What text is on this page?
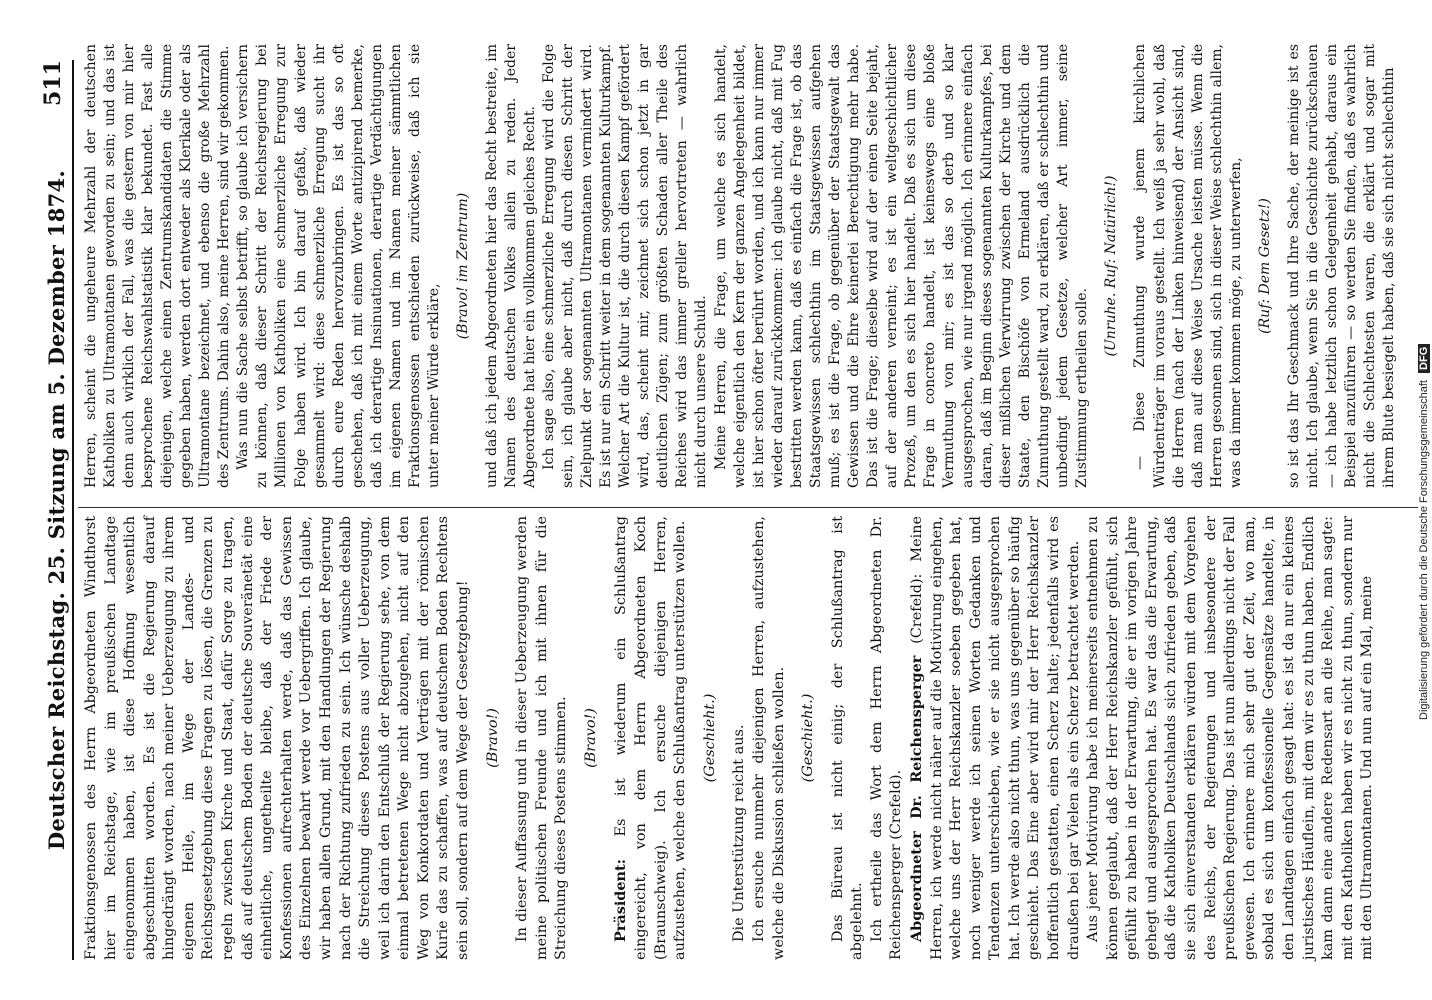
Deutscher Reichstag. 25. Sitzung am 5. Dezember 1874.
511

Fraktionsgenossen des Herrn Abgeordneten Windthorst hier im Reichstage, wie im preußischen Landtage eingenommen haben, ist diese Hoffnung wesentlich abgeschnitten worden. Es ist die Regierung darauf hingedrängt worden, nach meiner Ueberzeugung zu ihrem eigenen Heile, im Wege der Landes- und Reichsgesetzgebung diese Fragen zu lösen, die Grenzen zu regeln zwischen Kirche und Staat, dafür Sorge zu tragen, daß auf deutschem Boden der deutsche Souveränetät eine einheitliche, ungetheilte bleibe, daß der Friede der Konfessionen aufrechterhalten werde, daß das Gewissen des Einzelnen bewahrt werde vor Uebergriffen. Ich glaube, wir haben allen Grund, mit den Handlungen der Regierung nach der Richtung zufrieden zu sein. Ich wünsche deshalb die Streichung dieses Postens aus voller Ueberzeugung, weil ich darin den Entschluß der Regierung sehe, von dem einmal betretenen Wege nicht abzugehen, nicht auf den Weg von Konkordaten und Verträgen mit der römischen Kurie das zu schaffen, was auf deutschem Boden Rechtens sein soll, sondern auf dem Wege der Gesetzgebung! (Bravo!) In dieser Auffassung und in dieser Ueberzeugung werden meine politischen Freunde und ich mit ihnen für die Streichung dieses Postens stimmen. (Bravo!)

Präsident: Es ist wiederum ein Schlußantrag eingereicht, von dem Herrn Abgeordneten Koch (Braunschweig). Ich ersuche diejenigen Herren, aufzustehen, welche den Schlußantrag unterstützen wollen. (Geschieht.) Die Unterstützung reicht aus. Ich ersuche nunmehr diejenigen Herren, aufzustehen, welche die Diskussion schließen wollen. (Geschieht.) Das Büreau ist nicht einig; der Schlußantrag ist abgelehnt. Ich ertheile das Wort dem Herrn Abgeordneten Dr. Reichensperger (Crefeld). Abgeordneter Dr. Reichensperger (Crefeld): Meine Herren, ich werde nicht näher auf die Motivirung eingehen, welche uns der Herr Reichskanzler soeben gegeben hat, noch weniger werde ich seinen Worten Gedanken und Tendenzen unterschieben, wie er sie nicht ausgesprochen hat. Ich werde also nicht thun, was uns gegenüber so häufig geschieht. Das Eine aber wird mir der Herr Reichskanzler hoffentlich gestatten, einen Scherz halte; jedenfalls wird es draußen bei gar Vielen als ein Scherz betrachtet werden. Aus jener Motivirung habe ich meinerseits entnehmen zu können geglaubt, daß der Herr Reichskanzler gefühlt, sich gefühlt zu haben in der Erwartung, die er im vorigen Jahre gehegt und ausgesprochen hat. Es war das die Erwartung, daß die Katholiken Deutschlands sich zufrieden geben, daß sie sich einverstanden erklären würden mit dem Vorgehen des Reichs, der Regierungen und insbesondere der preußischen Regierung. Das ist nun allerdings nicht der Fall gewesen. Ich erinnere mich sehr gut der Zeit, wo man, sobald es sich um konfessionelle Gegensätze handelte, in den Landtagen einfach gesagt hat: es ist da nur ein kleines juristisches Häuflein, mit dem wir es zu thun haben. Endlich kam dann eine andere Redensart an die Reihe, man sagte: mit den Katholiken haben wir es nicht zu thun, sondern nur mit den Ultramontanen. Und nun auf ein Mal, meine

Herren, scheint die ungeheure Mehrzahl der deutschen Katholiken zu Ultramontanen geworden zu sein; und das ist denn auch wirklich der Fall, was die gestern von mir hier besprochene Reichswahlstatistik klar bekundet. Fast alle diejenigen, welche einen Zentrumskandidaten die Stimme gegeben haben, werden dort entweder als Klerikale oder als Ultramontane bezeichnet, und ebenso die große Mehrzahl des Zentrums. Dahin also, meine Herren, sind wir gekommen. Was nun die Sache selbst betrifft, so glaube ich versichern zu können, daß dieser Schritt der Reichsregierung bei Millionen von Katholiken eine schmerzliche Erregung zur Folge haben wird. Ich bin darauf gefaßt, daß wieder gesammelt wird: diese schmerzliche Erregung sucht ihr durch eure Reden hervorzubringen. Es ist das so oft geschehen, daß ich mit einem Worte antizipirend bemerke, daß ich derartige Insinuationen, derartige Verdächtigungen im eigenen Namen und im Namen meiner sämmtlichen Fraktionsgenossen entschieden zurückweise, daß ich sie unter meiner Würde erkläre,

(Bravo! im Zentrum) und daß ich jedem Abgeordneten hier das Recht bestreite, im Namen des deutschen Volkes allein zu reden. Jeder Abgeordnete hat hier ein vollkommen gleiches Recht. Ich sage also, eine schmerzliche Erregung wird die Folge sein, ich glaube aber nicht, daß durch diesen Schritt der Zielpunkt der sogenannten Ultramontanen vermindert wird. Es ist nur ein Schritt weiter in dem sogenannten Kulturkampf. Welcher Art die Kultur ist, die durch diesen Kampf gefördert wird, das, scheint mir, zeichnet sich schon jetzt in gar deutlichen Zügen; zum größten Schaden aller Theile des Reiches wird das immer greller hervortreten — wahrlich nicht durch unsere Schuld. Meine Herren, die Frage, um welche es sich handelt, welche eigentlich den Kern der ganzen Angelegenheit bildet, ist hier schon öfter berührt worden, und ich kann nur immer wieder darauf zurückkommen: ich glaube nicht, daß mit Fug bestritten werden kann, daß es einfach die Frage ist, ob das Staatsgewissen schlechthin im Staatsgewissen aufgehen muß; es ist die Frage, ob gegenüber der Staatsgewalt das Gewissen und die Ehre keinerlei Berechtigung mehr habe. Das ist die Frage; dieselbe wird auf der einen Seite bejaht, auf der anderen verneint; es ist ein weltgeschichtlicher Prozeß, um den es sich hier handelt. Daß es sich um diese Frage in concreto handelt, ist keineswegs eine bloße Vermuthung von mir; es ist das so derb und so klar ausgesprochen, wie nur irgend möglich. Ich erinnere einfach daran, daß im Beginn dieses sogenannten Kulturkampfes, bei dieser mißlichen Verwirrung zwischen der Kirche und dem Staate, den Bischöfe von Ermeland ausdrücklich die Zumuthung gestellt ward, zu erklären, daß er schlechthin und unbedingt jedem Gesetze, welcher Art immer, seine Zustimmung ertheilen solle.

(Unruhe. Ruf: Natürlich!) — Diese Zumuthung wurde jenem kirchlichen Würdenträger im voraus gestellt. Ich weiß ja sehr wohl, daß die Herren (nach der Linken hinweisend) der Ansicht sind, daß man auf diese Weise Ursache leisten müsse. Wenn die Herren gesonnen sind, sich in dieser Weise schlechthin allem, was da immer kommen möge, zu unterwerfen, (Ruf: Dem Gesetz!) so ist das Ihr Geschmack und Ihre Sache, der meinige ist es nicht. Ich glaube, wenn Sie in die Geschichte zurückschauen — ich habe letztlich schon Gelegenheit gehabt, daraus ein Beispiel anzuführen — so werden Sie finden, daß es wahrlich nicht die Schlechtesten waren, die erklärt und sogar mit ihrem Blute besiegelt haben, daß sie sich nicht schlechthin

Digitalisierung gefördert durch die Deutsche Forschungsgemeinschaft DFG
